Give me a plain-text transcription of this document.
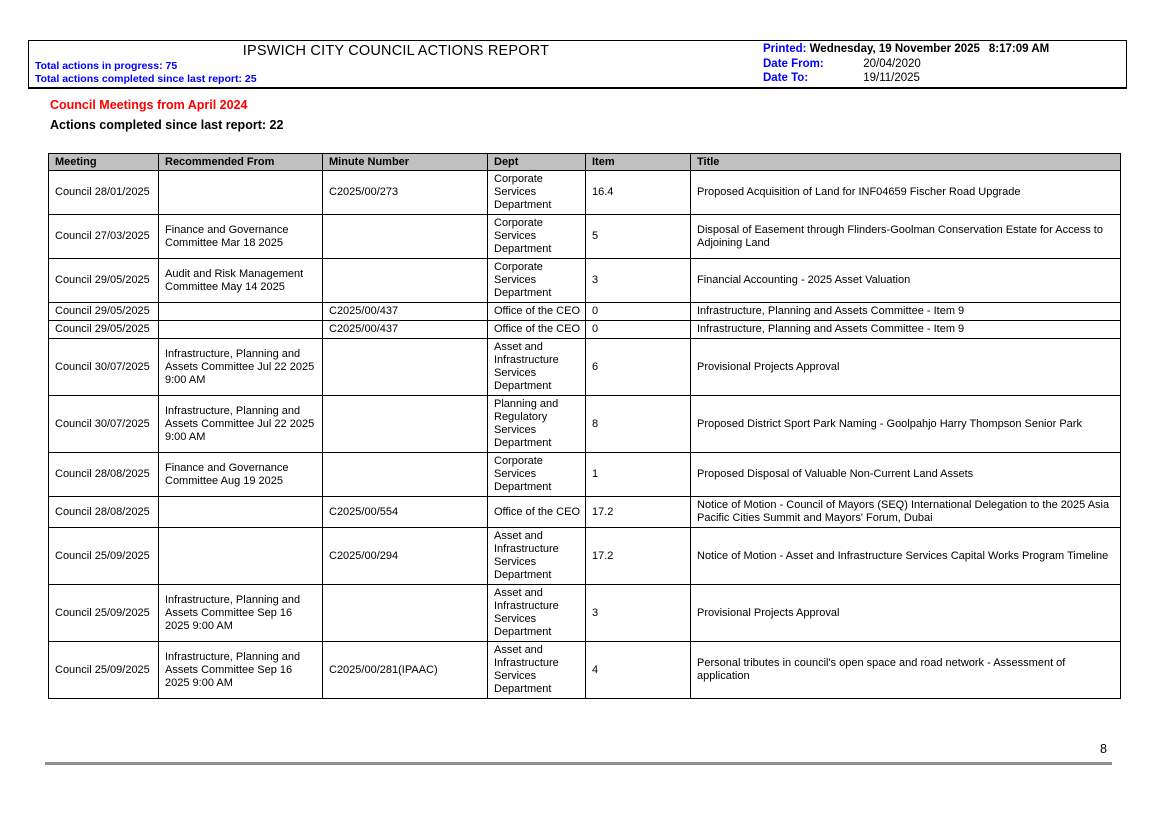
IPSWICH CITY COUNCIL ACTIONS REPORT
Total actions in progress: 75
Total actions completed since last report: 25
Printed: Wednesday, 19 November 2025 8:17:09 AM
Date From:	20/04/2020
Date To:	19/11/2025
Council Meetings from April 2024
Actions completed since last report: 22
Meeting	Recommended From	Minute Number	Dept	Item	Title
Council 28/01/2025		C2025/00/273	Corporate Services Department	16.4	Proposed Acquisition of Land for INF04659 Fischer Road Upgrade
Council 27/03/2025	Finance and Governance Committee Mar 18 2025		Corporate Services Department	5	Disposal of Easement through Flinders-Goolman Conservation Estate for Access to Adjoining Land
Council 29/05/2025	Audit and Risk Management Committee May 14 2025		Corporate Services Department	3	Financial Accounting - 2025 Asset Valuation
Council 29/05/2025		C2025/00/437	Office of the CEO	0	Infrastructure, Planning and Assets Committee - Item 9
Council 29/05/2025		C2025/00/437	Office of the CEO	0	Infrastructure, Planning and Assets Committee - Item 9
Council 30/07/2025	Infrastructure, Planning and Assets Committee Jul 22 2025 9:00 AM		Asset and Infrastructure Services Department	6	Provisional Projects Approval
Council 30/07/2025	Infrastructure, Planning and Assets Committee Jul 22 2025 9:00 AM		Planning and Regulatory Services Department	8	Proposed District Sport Park Naming - Goolpahjo Harry Thompson Senior Park
Council 28/08/2025	Finance and Governance Committee Aug 19 2025		Corporate Services Department	1	Proposed Disposal of Valuable Non-Current Land Assets
Council 28/08/2025		C2025/00/554	Office of the CEO	17.2	Notice of Motion - Council of Mayors (SEQ) International Delegation to the 2025 Asia Pacific Cities Summit and Mayors' Forum, Dubai
Council 25/09/2025		C2025/00/294	Asset and Infrastructure Services Department	17.2	Notice of Motion - Asset and Infrastructure Services Capital Works Program Timeline
Council 25/09/2025	Infrastructure, Planning and Assets Committee Sep 16 2025 9:00 AM		Asset and Infrastructure Services Department	3	Provisional Projects Approval
Council 25/09/2025	Infrastructure, Planning and Assets Committee Sep 16 2025 9:00 AM	C2025/00/281(IPAAC)	Asset and Infrastructure Services Department	4	Personal tributes in council's open space and road network - Assessment of application
8
